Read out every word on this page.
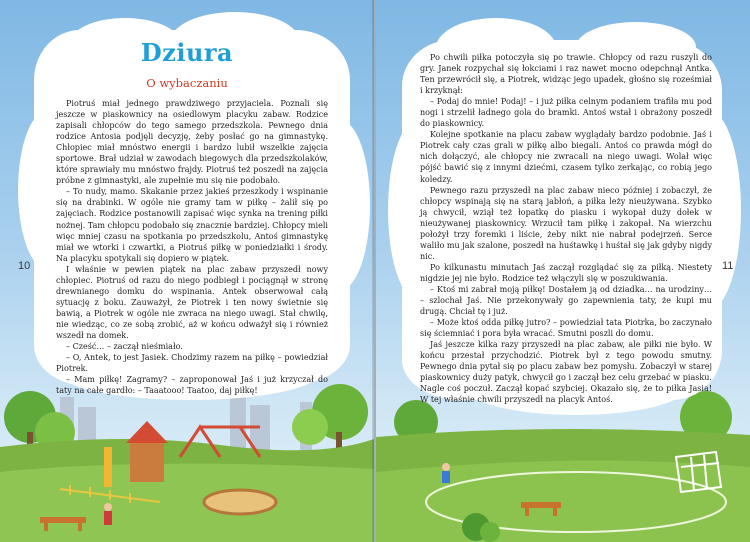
Dziura
O wybaczaniu

Piotruś miał jednego prawdziwego przyjaciela. Poznali się jeszcze w piaskownicy na osiedlowym placyku zabaw. Rodzice zapisali chłopców do tego samego przedszkola. Pewnego dnia rodzice Antosia podjęli decyzję, żeby posłać go na gimnastykę. Chłopiec miał mnóstwo energii i bardzo lubił wszelkie zajęcia sportowe. Brał udział w zawodach biegowych dla przedszkolaków, które sprawiały mu mnóstwo frajdy. Piotruś też poszedł na zajęcia próbne z gimnastyki, ale zupełnie mu się nie podobało.

– To nudy, mamo. Skakanie przez jakieś przeszkody i wspinanie się na drabinki. W ogóle nie gramy tam w piłkę – żalił się po zajęciach. Rodzice postanowili zapisać więc synka na trening piłki nożnej. Tam chłopcu podobało się znacznie bardziej. Chłopcy mieli więc mniej czasu na spotkania po przedszkolu, Antoś gimnastykę miał we wtorki i czwartki, a Piotruś piłkę w poniedziałki i środy. Na placyku spotykali się dopiero w piątek.

I właśnie w pewien piątek na plac zabaw przyszedł nowy chłopiec. Piotruś od razu do niego podbiegł i pociągnął w stronę drewnianego domku do wspinania. Antek obserwował całą sytuację z boku. Zauważył, że Piotrek i ten nowy świetnie się bawią, a Piotrek w ogóle nie zwraca na niego uwagi. Stał chwilę, nie wiedząc, co ze sobą zrobić, aż w końcu odważył się i również wszedł na domek.

– Cześć… – zaczął nieśmiało.

– O, Antek, to jest Jasiek. Chodzimy razem na piłkę – powiedział Piotrek.

– Mam piłkę! Zagramy? – zaproponował Jaś i już krzyczał do taty na całe gardło: – Taaatooo! Taatoo, daj piłkę!

10

Po chwili piłka potoczyła się po trawie. Chłopcy od razu ruszyli do gry. Janek rozpychał się łokciami i raz nawet mocno odepchnął Antka. Ten przewrócił się, a Piotrek, widząc jego upadek, głośno się roześmiał i krzyknął:

– Podaj do mnie! Podaj! – i już piłka celnym podaniem trafiła mu pod nogi i strzelił ładnego gola do bramki. Antoś wstał i obrażony poszedł do piaskownicy.

Kolejne spotkanie na placu zabaw wyglądały bardzo podobnie. Jaś i Piotrek cały czas grali w piłkę albo biegali. Antoś co prawda mógł do nich dołączyć, ale chłopcy nie zwracali na niego uwagi. Wolał więc pójść bawić się z innymi dziećmi, czasem tylko zerkając, co robią jego koledzy.

Pewnego razu przyszedł na plac zabaw nieco później i zobaczył, że chłopcy wspinają się na starą jabłoń, a piłka leży nieużywana. Szybko ją chwycił, wziął też łopatkę do piasku i wykopał duży dołek w nieużywanej piaskownicy. Wrzucił tam piłkę i zakopał. Na wierzchu położył trzy foremki i liście, żeby nikt nie nabrał podejrzeń. Serce waliło mu jak szalone, poszedł na huśtawkę i huśtał się jak gdyby nigdy nic.

Po kilkunastu minutach Jaś zaczął rozglądać się za piłką. Niestety nigdzie jej nie było. Rodzice też włączyli się w poszukiwania.

– Ktoś mi zabrał moją piłkę! Dostałem ją od dziadka… na urodziny… – szlochał Jaś. Nie przekonywały go zapewnienia taty, że kupi mu drugą. Chciał tę i już.

– Może ktoś odda piłkę jutro? – powiedział tata Piotrka, bo zaczynało się ściemniać i pora była wracać. Smutni poszli do domu.

Jaś jeszcze kilka razy przyszedł na plac zabaw, ale piłki nie było. W końcu przestał przychodzić. Piotrek był z tego powodu smutny. Pewnego dnia pytał się po placu zabaw bez pomysłu. Zobaczył w starej piaskownicy duży patyk, chwycił go i zaczął bez celu grzebać w piasku. Nagle coś poczuł. Zaczął kopać szybciej. Okazało się, że to piłka Jasia! W tej właśnie chwili przyszedł na placyk Antoś.

11
